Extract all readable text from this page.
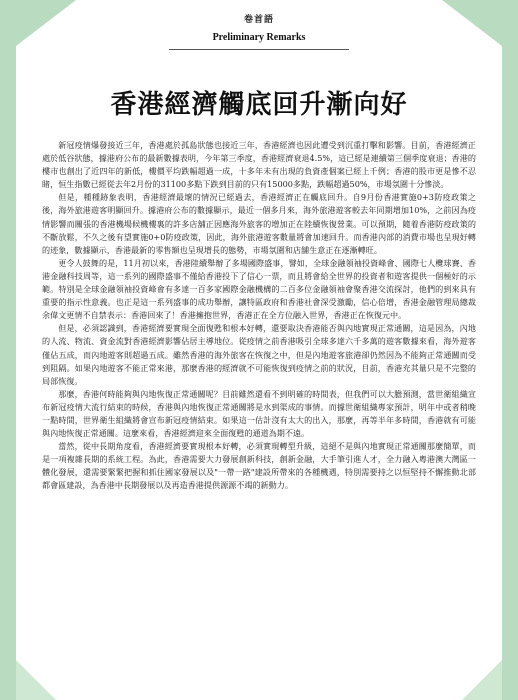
卷首語
Preliminary Remarks
香港經濟觸底回升漸向好

新冠疫情爆發接近三年，香港處於孤島狀態也接近三年，香港經濟也因此遭受到沉重打擊和影響。目前，香港經濟正處於低谷狀態，據港府公布的最新數據表明，今年第三季度，香港經濟衰退4.5%，這已經是連續第三個季度衰退；香港的樓市也創出了近四年的新低，樓價平均跌幅超過一成，十多年未有出現的負資產個案已經上千例；香港的股市更是慘不忍睹，恒生指數已經從去年2月份的31100多點下跌到目前的只有15000多點，跌幅超過50%，市場氛圍十分慘淡。

但是，種種跡象表明，香港經濟最壞的情況已經過去，香港經濟正在觸底回升。自9月份香港實施0+3防疫政策之後，海外旅港遊客明顯回升。據港府公布的數據顯示，最近一個多月來，海外旅港遊客較去年同期增加10%，之前因為疫情影響而關張的香港機場候機樓裏的許多店舖正因應海外旅客的增加正在陸續恢復營業。可以預期，隨着香港防疫政策的不斷放鬆，不久之後有望實施0+0防疫政策，因此，海外旅港遊客數量將會加速回升。而香港內部的消費市場也呈現好轉的迹象，數據顯示，香港最新的零售額也呈現增長的態勢，市場氛圍和店舖生意正在逐漸轉旺。

更令人鼓舞的是，11月初以來，香港陸續舉辦了多場國際盛事，譬如，全球金融領袖投資峰會、國際七人欖球賽、香港金融科技周等，這一系列的國際盛事不僅給香港投下了信心一票，而且將會給全世界的投資者和遊客提供一個極好的示範。特別是全球金融領袖投資峰會有多達一百多家國際金融機構的二百多位金融領袖會聚香港交流探討，他們的到來具有重要的指示性意義。也正是這一系列盛事的成功舉辦，讓特區政府和香港社會深受激勵，信心倍增，香港金融管理局總裁余偉文更情不自禁表示：香港回來了！香港擁抱世界，香港正在全方位融入世界，香港正在恢復元中。

但是，必須認識到，香港經濟要實現全面復甦和根本好轉，還要取決香港能否與內地實現正常通關，這是因為，內地的人流、物流、資金流對香港經濟影響佔居主導地位。從疫情之前香港吸引全球多達六千多萬的遊客數據來看，海外遊客僅佔五成，而內地遊客則超過五成。雖然香港的海外旅客在恢復之中，但是內地遊客旅港卻仍然因為不能夠正常通關而受到阻隔。如果內地遊客不能正常來港，那麼香港的經濟就不可能恢復到疫情之前的狀況，目前，香港充其量只是不完整的局部恢復。

那麼，香港何時能夠與內地恢復正常通關呢？目前雖然還看不到明確的時間表，但我們可以大膽預測，當世衛組織宣布新冠疫情大流行結束的時候，香港與內地恢復正常通關將是水到渠成的事情。而據世衛組織專家預計，明年中或者稍晚一點時間，世界衛生組織將會宣布新冠疫情結束。如果這一估計沒有太大的出入，那麼，再等半年多時間，香港就有可能與內地恢復正常通關。這麼來看，香港經濟迎來全面復甦的通道為期不遠。

當然，從中長期角度看，香港經濟要實現根本好轉，必須實現轉型升級，這絕不是與內地實現正常通關那麼簡單，而是一項複雜長期的系統工程。為此，香港需要大力發展創新科技，創新金融，大手筆引進人才，全力融入粵港澳大灣區一體化發展，還需要緊緊把握和抓住國家發展以及"一帶一路"建設所帶來的各種機遇，特別需要持之以恒堅持不懈推動北部都會區建設，為香港中長期發展以及再造香港提供源源不竭的新動力。
